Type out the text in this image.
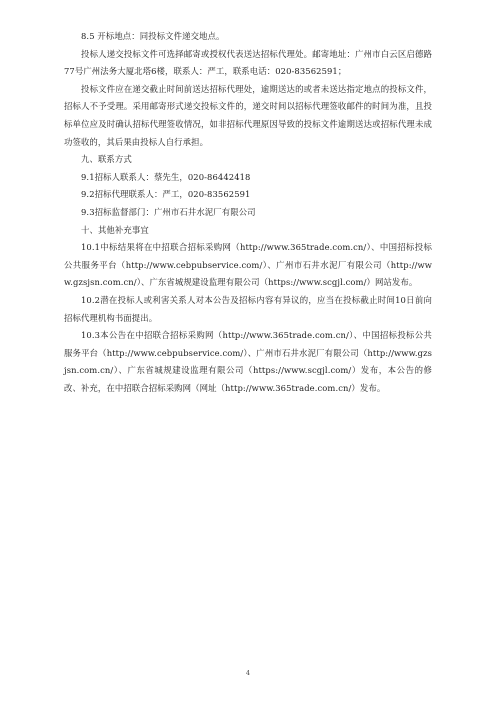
8.5 开标地点：同投标文件递交地点。

投标人递交投标文件可选择邮寄或授权代表送达招标代理处。邮寄地址：广州市白云区启德路77号广州法务大厦北塔6楼，联系人：严工，联系电话：020-83562591；

投标文件应在递交截止时间前送达招标代理处，逾期送达的或者未送达指定地点的投标文件，招标人不予受理。采用邮寄形式递交投标文件的，递交时间以招标代理签收邮件的时间为准，且投标单位应及时确认招标代理签收情况，如非招标代理原因导致的投标文件逾期送达或招标代理未成功签收的，其后果由投标人自行承担。

九、联系方式

9.1招标人联系人：蔡先生，020-86442418

9.2招标代理联系人：严工，020-83562591

9.3招标监督部门：广州市石井水泥厂有限公司

十、其他补充事宜

10.1中标结果将在中招联合招标采购网（http://www.365trade.com.cn/）、中国招标投标公共服务平台（http://www.cebpubservice.com/）、广州市石井水泥厂有限公司（http://www.gzsjsn.com.cn/）、广东省城规建设监理有限公司（https://www.scgjl.com/）网站发布。

10.2潜在投标人或利害关系人对本公告及招标内容有异议的，应当在投标截止时间10日前向招标代理机构书面提出。

10.3本公告在中招联合招标采购网（http://www.365trade.com.cn/）、中国招标投标公共服务平台（http://www.cebpubservice.com/）、广州市石井水泥厂有限公司（http://www.gzsjsn.com.cn/）、广东省城规建设监理有限公司（https://www.scgjl.com/）发布，本公告的修改、补充，在中招联合招标采购网（网址（http://www.365trade.com.cn/）发布。

4
